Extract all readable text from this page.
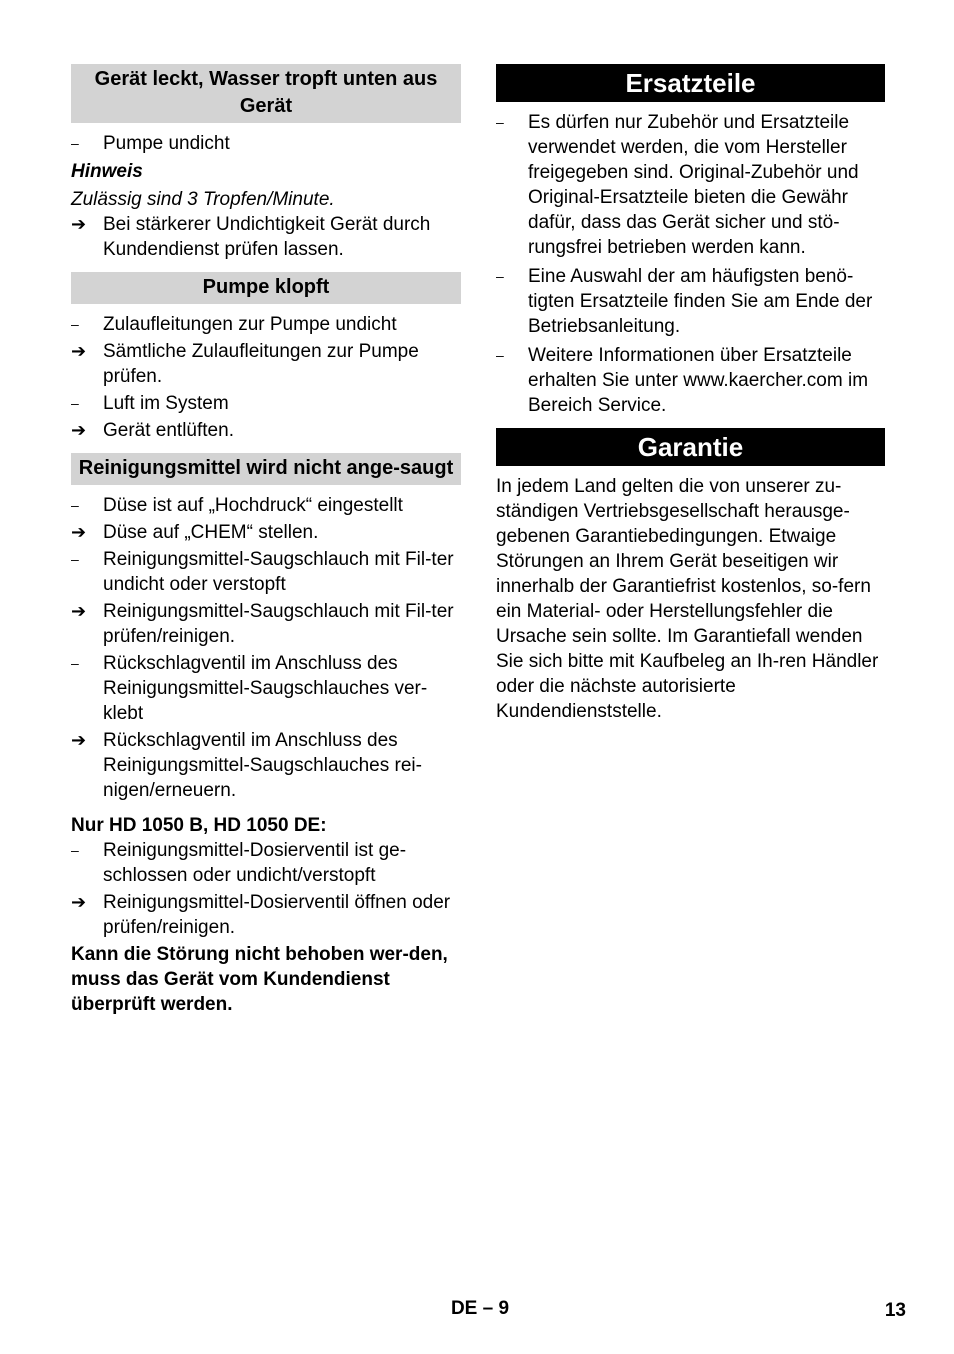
Gerät leckt, Wasser tropft unten aus Gerät
–	Pumpe undicht
Hinweis
Zulässig sind 3 Tropfen/Minute.
➔ Bei stärkerer Undichtigkeit Gerät durch Kundendienst prüfen lassen.
Pumpe klopft
–	Zulaufleitungen zur Pumpe undicht
➔ Sämtliche Zulaufleitungen zur Pumpe prüfen.
–	Luft im System
➔ Gerät entlüften.
Reinigungsmittel wird nicht ange-saugt
–	Düse ist auf „Hochdruck“ eingestellt
➔ Düse auf „CHEM“ stellen.
–	Reinigungsmittel-Saugschlauch mit Fil-ter undicht oder verstopft
➔ Reinigungsmittel-Saugschlauch mit Fil-ter prüfen/reinigen.
–	Rückschlagventil im Anschluss des Reinigungsmittel-Saugschlauches ver-klebt
➔ Rückschlagventil im Anschluss des Reinigungsmittel-Saugschlauches rei-nigen/erneuern.
Nur HD 1050 B, HD 1050 DE:
–	Reinigungsmittel-Dosierventil ist ge-schlossen oder undicht/verstopft
➔ Reinigungsmittel-Dosierventil öffnen oder prüfen/reinigen.
Kann die Störung nicht behoben wer-den, muss das Gerät vom Kundendienst überprüft werden.
Ersatzteile
–	Es dürfen nur Zubehör und Ersatzteile verwendet werden, die vom Hersteller freigegeben sind. Original-Zubehör und Original-Ersatzteile bieten die Gewähr dafür, dass das Gerät sicher und stö-rungsfrei betrieben werden kann.
–	Eine Auswahl der am häufigsten benö-tigten Ersatzteile finden Sie am Ende der Betriebsanleitung.
–	Weitere Informationen über Ersatzteile erhalten Sie unter www.kaercher.com im Bereich Service.
Garantie
In jedem Land gelten die von unserer zu-ständigen Vertriebsgesellschaft herausge-gebenen Garantiebedingungen. Etwaige Störungen an Ihrem Gerät beseitigen wir innerhalb der Garantiefrist kostenlos, so-fern ein Material- oder Herstellungsfehler die Ursache sein sollte. Im Garantiefall wenden Sie sich bitte mit Kaufbeleg an Ih-ren Händler oder die nächste autorisierte Kundendienststelle.
DE – 9	13
